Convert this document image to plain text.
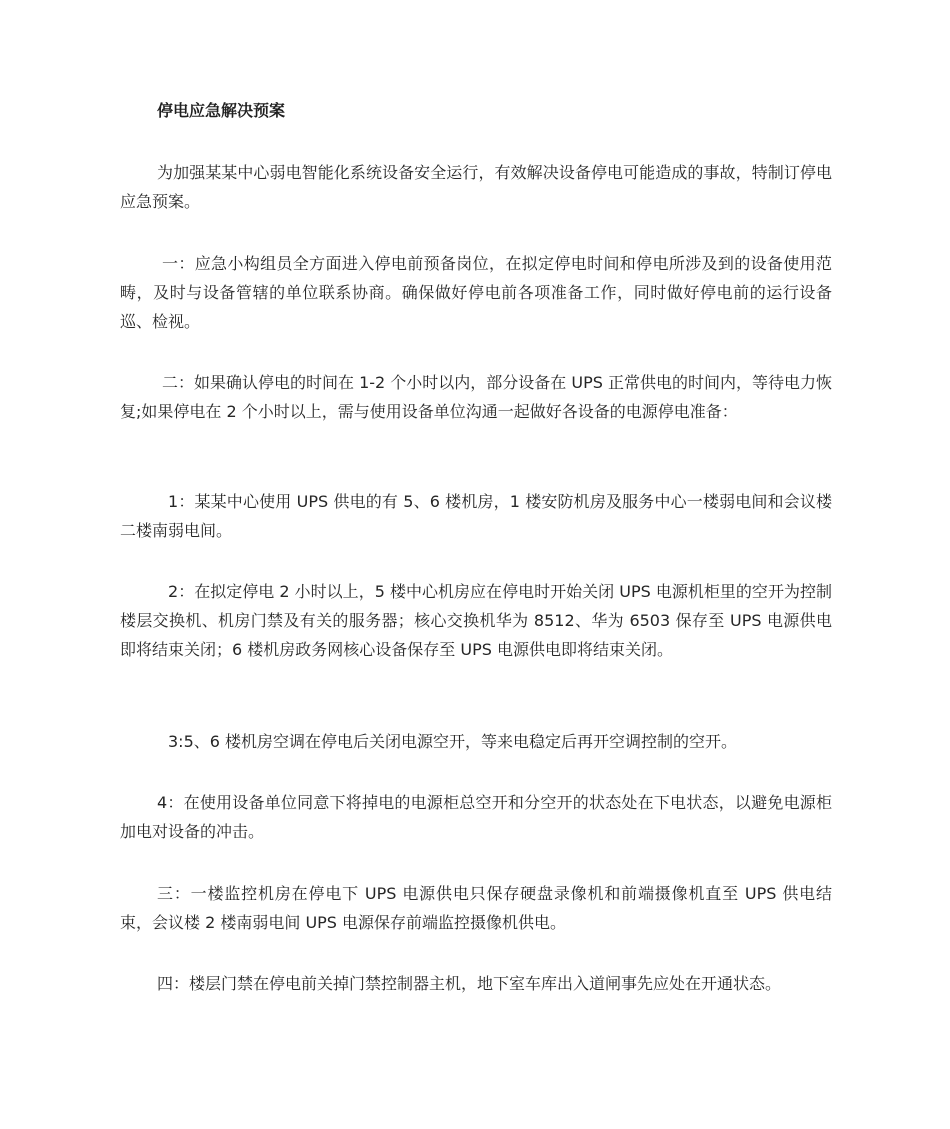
停电应急解决预案

为加强某某中心弱电智能化系统设备安全运行，有效解决设备停电可能造成的事故，特制订停电应急预案。

一：应急小构组员全方面进入停电前预备岗位，在拟定停电时间和停电所涉及到的设备使用范畴，及时与设备管辖的单位联系协商。确保做好停电前各项准备工作，同时做好停电前的运行设备巡、检视。

二：如果确认停电的时间在 1-2 个小时以内，部分设备在 UPS 正常供电的时间内，等待电力恢复;如果停电在 2 个小时以上，需与使用设备单位沟通一起做好各设备的电源停电准备：

1：某某中心使用 UPS 供电的有 5、6 楼机房，1 楼安防机房及服务中心一楼弱电间和会议楼二楼南弱电间。

2：在拟定停电 2 小时以上，5 楼中心机房应在停电时开始关闭 UPS 电源机柜里的空开为控制楼层交换机、机房门禁及有关的服务器；核心交换机华为 8512、华为 6503 保存至 UPS 电源供电即将结束关闭；6 楼机房政务网核心设备保存至 UPS 电源供电即将结束关闭。

3:5、6 楼机房空调在停电后关闭电源空开，等来电稳定后再开空调控制的空开。

4：在使用设备单位同意下将掉电的电源柜总空开和分空开的状态处在下电状态，以避免电源柜加电对设备的冲击。

三：一楼监控机房在停电下 UPS 电源供电只保存硬盘录像机和前端摄像机直至 UPS 供电结束，会议楼 2 楼南弱电间 UPS 电源保存前端监控摄像机供电。

四：楼层门禁在停电前关掉门禁控制器主机，地下室车库出入道闸事先应处在开通状态。
